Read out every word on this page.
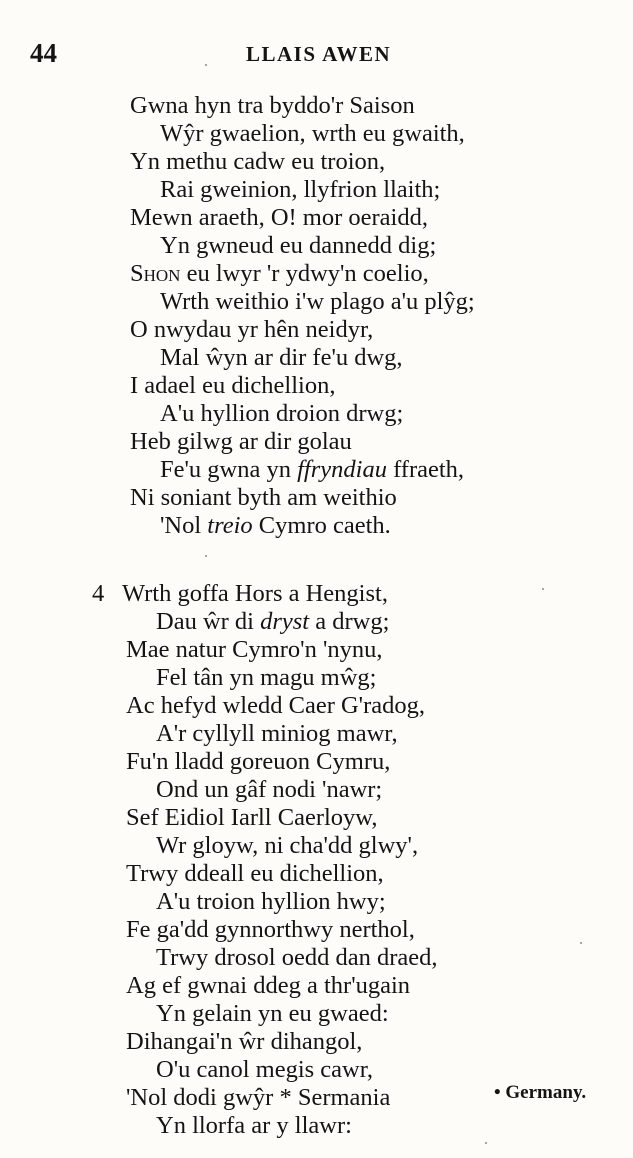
44	LLAIS AWEN
Gwna hyn tra byddo'r Saison
Wŷr gwaelion, wrth eu gwaith,
Yn methu cadw eu troion,
Rai gweinion, llyfrion llaith;
Mewn araeth, O! mor oeraidd,
Yn gwneud eu dannedd dig;
Shon eu lwyr 'r ydwy'n coelio,
Wrth weithio i'w plago a'u plŷg;
O nwydau yr hên neidyr,
Mal ŵyn ar dir fe'u dwg,
I adael eu dichellion,
A'u hyllion droion drwg;
Heb gilwg ar dir golau
Fe'u gwna yn ffryndiau ffraeth,
Ni soniant byth am weithio
'Nol treio Cymro caeth.
4 Wrth goffa Hors a Hengist,
Dau ŵr di dryst a drwg;
Mae natur Cymro'n 'nynu,
Fel tân yn magu mŵg;
Ac hefyd wledd Caer G'radog,
A'r cyllyll miniog mawr,
Fu'n lladd goreuon Cymru,
Ond un gâf nodi 'nawr;
Sef Eidiol Iarll Caerloyw,
Wr gloyw, ni cha'dd glwy',
Trwy ddeall eu dichellion,
A'u troion hyllion hwy;
Fe ga'dd gynnorthwy nerthol,
Trwy drosol oedd dan draed,
Ag ef gwnai ddeg a thr'ugain
Yn gelain yn eu gwaed:
Dihangai'n ŵr dihangol,
O'u canol megis cawr,
'Nol dodi gwŷr * Sermania
Yn llorfa ar y llawr:
• Germany.
